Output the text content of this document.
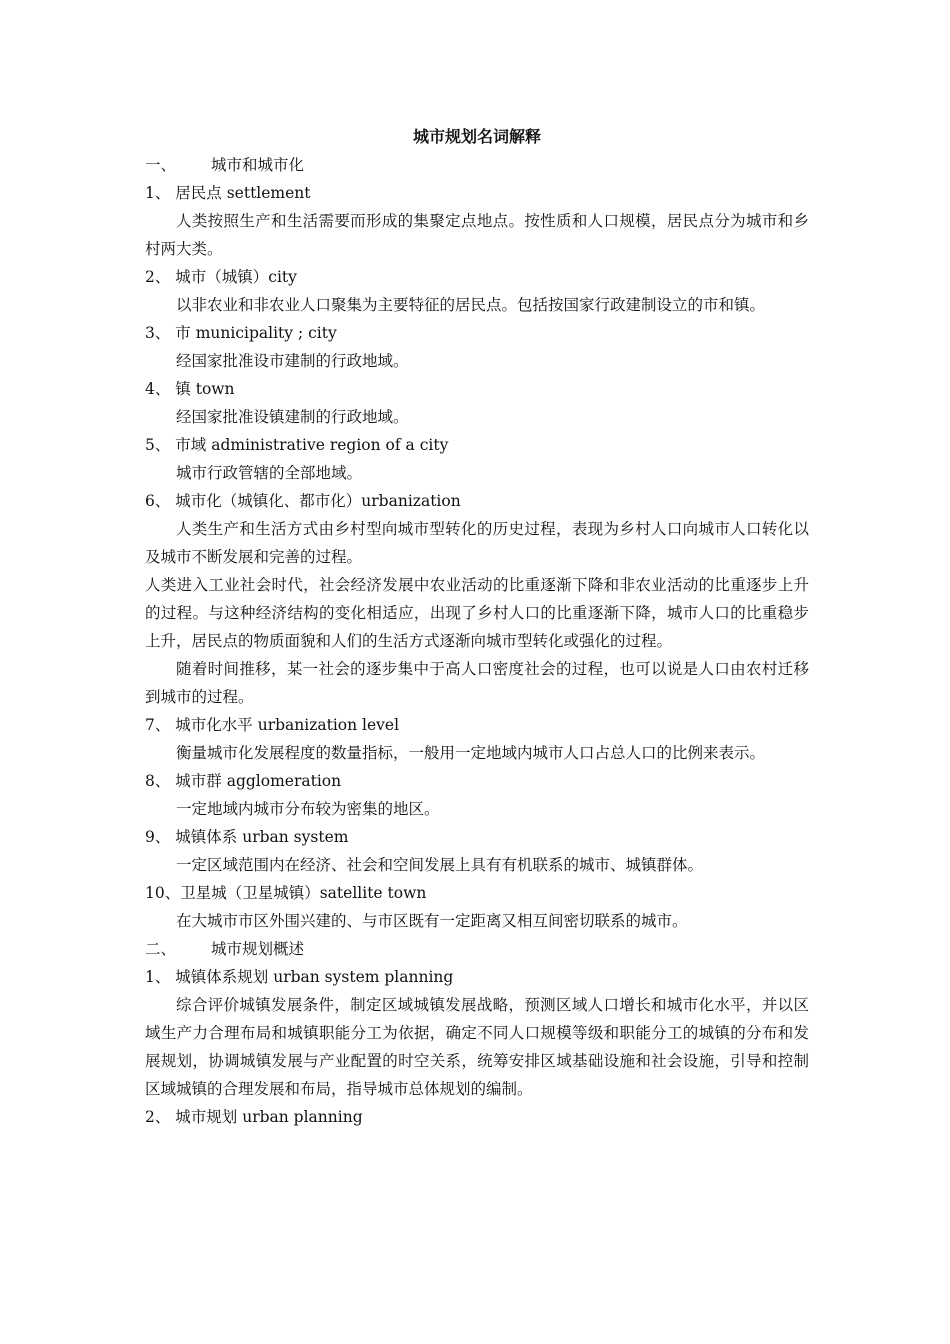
城市规划名词解释
一、 城市和城市化
1、 居民点 settlement
人类按照生产和生活需要而形成的集聚定点地点。按性质和人口规模，居民点分为城市和乡村两大类。
2、 城市（城镇）city
以非农业和非农业人口聚集为主要特征的居民点。包括按国家行政建制设立的市和镇。
3、 市 municipality ; city
经国家批准设市建制的行政地域。
4、 镇 town
经国家批准设镇建制的行政地域。
5、 市域 administrative region of a city
城市行政管辖的全部地域。
6、 城市化（城镇化、都市化）urbanization
人类生产和生活方式由乡村型向城市型转化的历史过程，表现为乡村人口向城市人口转化以及城市不断发展和完善的过程。
人类进入工业社会时代，社会经济发展中农业活动的比重逐渐下降和非农业活动的比重逐步上升的过程。与这种经济结构的变化相适应，出现了乡村人口的比重逐渐下降，城市人口的比重稳步上升，居民点的物质面貌和人们的生活方式逐渐向城市型转化或强化的过程。
随着时间推移，某一社会的逐步集中于高人口密度社会的过程，也可以说是人口由农村迁移到城市的过程。
7、 城市化水平 urbanization level
衡量城市化发展程度的数量指标，一般用一定地域内城市人口占总人口的比例来表示。
8、 城市群 agglomeration
一定地域内城市分布较为密集的地区。
9、 城镇体系 urban system
一定区域范围内在经济、社会和空间发展上具有有机联系的城市、城镇群体。
10、卫星城（卫星城镇）satellite town
在大城市市区外围兴建的、与市区既有一定距离又相互间密切联系的城市。
二、 城市规划概述
1、 城镇体系规划 urban system planning
综合评价城镇发展条件，制定区域城镇发展战略，预测区域人口增长和城市化水平，并以区域生产力合理布局和城镇职能分工为依据，确定不同人口规模等级和职能分工的城镇的分布和发展规划，协调城镇发展与产业配置的时空关系，统筹安排区域基础设施和社会设施，引导和控制区域城镇的合理发展和布局，指导城市总体规划的编制。
2、 城市规划 urban planning
